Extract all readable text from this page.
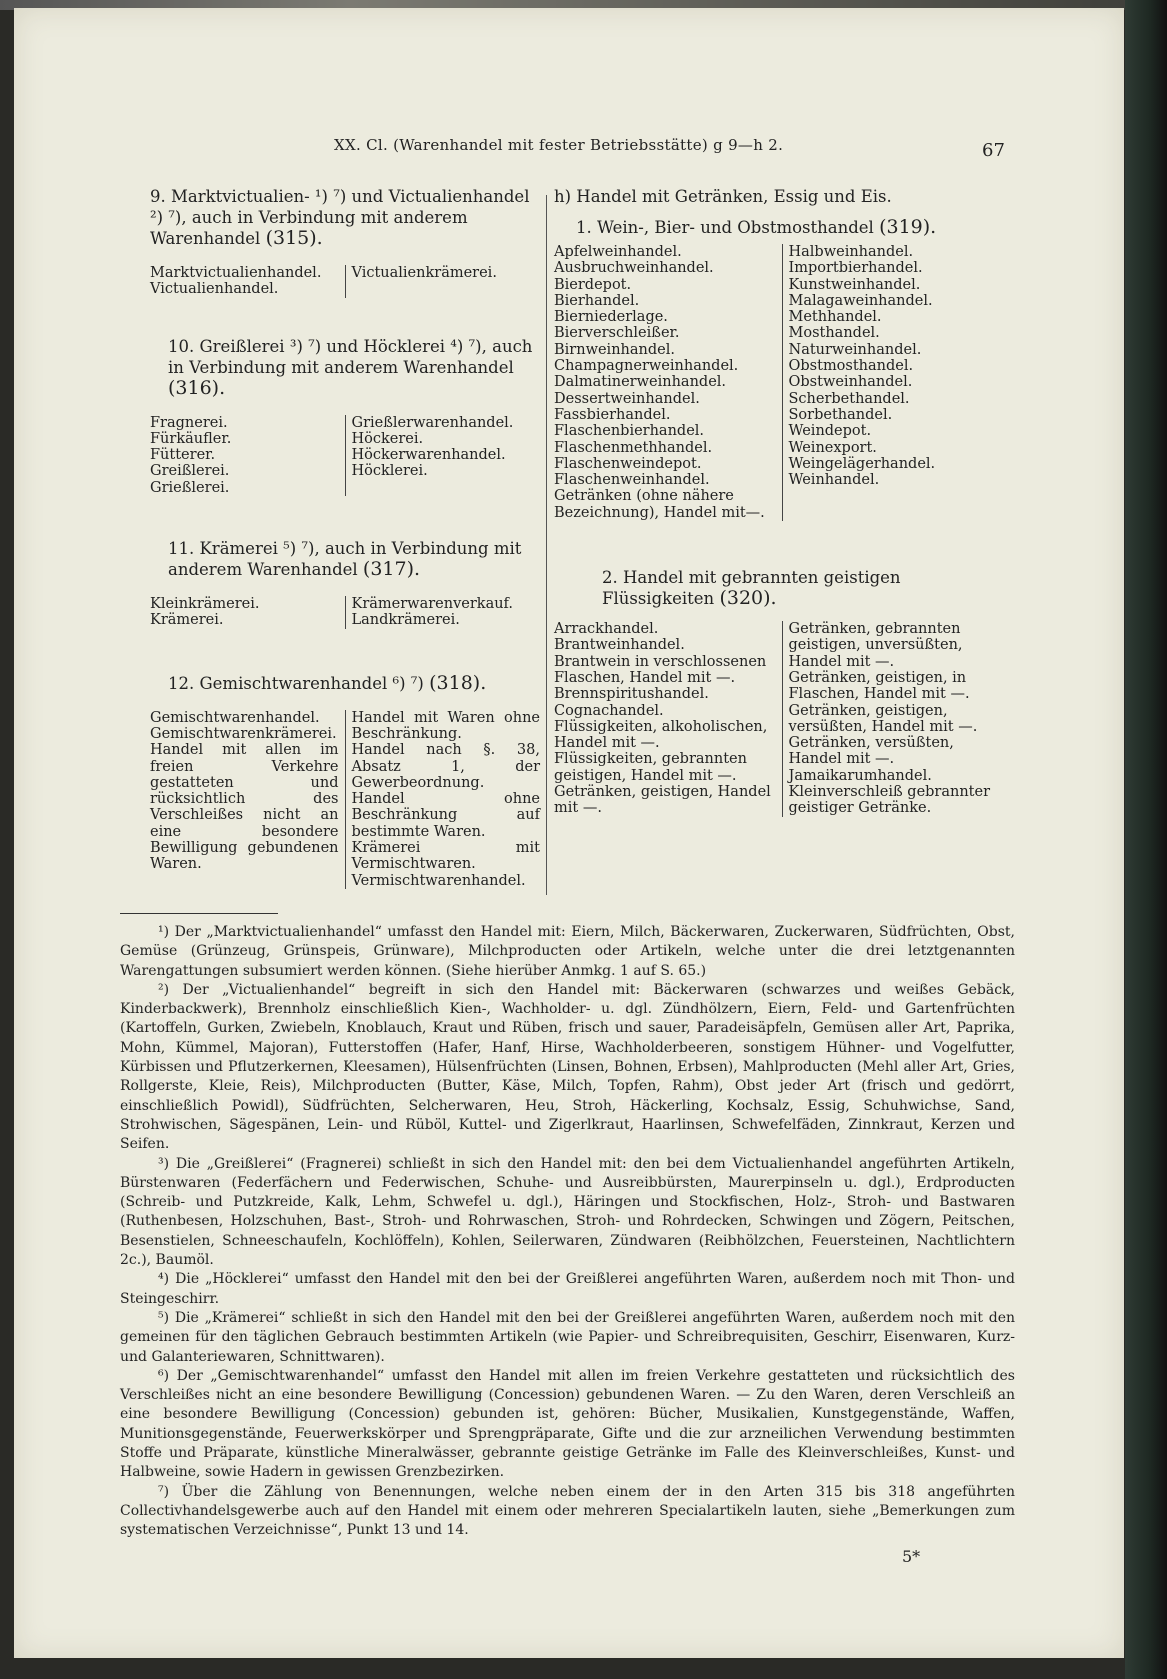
XX. Cl. (Warenhandel mit fester Betriebsstätte) g 9—h 2.	67
9. Marktvictualien- ¹) ⁷) und Victualienhandel ²) ⁷), auch in Verbindung mit anderem Warenhandel (315).
Marktvictualienhandel.
Victualienhandel.
Victualienkrämerei.
10. Greißlerei ³) ⁷) und Höcklerei ⁴) ⁷), auch in Verbindung mit anderem Warenhandel (316).
Fragnerei.
Fürkäufler.
Fütterer.
Greißlerei.
Grießlerei.
Grießlerwarenhandel.
Höckerei.
Höckerwarenhandel.
Höcklerei.
11. Krämerei ⁵) ⁷), auch in Verbindung mit anderem Warenhandel (317).
Kleinkrämerei.
Krämerei.
Krämerwarenverkauf.
Landkrämerei.
12. Gemischtwarenhandel ⁶) ⁷) (318).
Gemischtwarenhandel.
Gemischtwarenkrämerei.
Handel mit allen im freien Verkehre gestatteten und rücksichtlich des Verschleißes nicht an eine besondere Bewilligung gebundenen Waren.
Handel mit Waren ohne Beschränkung.
Handel nach §. 38, Absatz 1, der Gewerbeordnung.
Handel ohne Beschränkung auf bestimmte Waren.
Krämerei mit Vermischtwaren.
Vermischtwarenhandel.
h) Handel mit Getränken, Essig und Eis.
1. Wein-, Bier- und Obstmosthandel (319).
Apfelweinhandel.
Ausbruchweinhandel.
Bierdepot.
Bierhandel.
Bierniederlage.
Bierverschleißer.
Birnweinhandel.
Champagnerweinhandel.
Dalmatinerweinhandel.
Dessertweinhandel.
Fassbierhandel.
Flaschenbierhandel.
Flaschenmethhandel.
Flaschenweindepot.
Flaschenweinhandel.
Getränken (ohne nähere Bezeichnung), Handel mit—.
Halbweinhandel.
Importbierhandel.
Kunstweinhandel.
Malagaweinhandel.
Methhandel.
Mosthandel.
Naturweinhandel.
Obstmosthandel.
Obstweinhandel.
Scherbethandel.
Sorbethandel.
Weindepot.
Weinexport.
Weingelägerhandel.
Weinhandel.
2. Handel mit gebrannten geistigen Flüssigkeiten (320).
Arrackhandel.
Brantweinhandel.
Brantwein in verschlossenen Flaschen, Handel mit —.
Brennspiritushandel.
Cognachandel.
Flüssigkeiten, alkoholischen, Handel mit —.
Flüssigkeiten, gebrannten geistigen, Handel mit —.
Getränken, geistigen, Handel mit —.
Getränken, gebrannten geistigen, unversüßten, Handel mit —.
Getränken, geistigen, in Flaschen, Handel mit —.
Getränken, geistigen, versüßten, Handel mit —.
Getränken, versüßten, Handel mit —.
Jamaikarumhandel.
Kleinverschleiß gebrannter geistiger Getränke.

¹) Der „Marktvictualienhandel“ umfasst den Handel mit: Eiern, Milch, Bäckerwaren, Zuckerwaren, Südfrüchten, Obst, Gemüse (Grünzeug, Grünspeis, Grünware), Milchproducten oder Artikeln, welche unter die drei letztgenannten Warengattungen subsumiert werden können. (Siehe hierüber Anmkg. 1 auf S. 65.)

²) Der „Victualienhandel“ begreift in sich den Handel mit: Bäckerwaren (schwarzes und weißes Gebäck, Kinderbackwerk), Brennholz einschließlich Kien-, Wachholder- u. dgl. Zündhölzern, Eiern, Feld- und Gartenfrüchten (Kartoffeln, Gurken, Zwiebeln, Knoblauch, Kraut und Rüben, frisch und sauer, Paradeisäpfeln, Gemüsen aller Art, Paprika, Mohn, Kümmel, Majoran), Futterstoffen (Hafer, Hanf, Hirse, Wachholderbeeren, sonstigem Hühner- und Vogelfutter, Kürbissen und Pflutzerkernen, Kleesamen), Hülsenfrüchten (Linsen, Bohnen, Erbsen), Mahlproducten (Mehl aller Art, Gries, Rollgerste, Kleie, Reis), Milchproducten (Butter, Käse, Milch, Topfen, Rahm), Obst jeder Art (frisch und gedörrt, einschließlich Powidl), Südfrüchten, Selcherwaren, Heu, Stroh, Häckerling, Kochsalz, Essig, Schuhwichse, Sand, Strohwischen, Sägespänen, Lein- und Rüböl, Kuttel- und Zigerlkraut, Haarlinsen, Schwefelfäden, Zinnkraut, Kerzen und Seifen.

³) Die „Greißlerei“ (Fragnerei) schließt in sich den Handel mit: den bei dem Victualienhandel angeführten Artikeln, Bürstenwaren (Federfächern und Federwischen, Schuhe- und Ausreibbürsten, Maurerpinseln u. dgl.), Erdproducten (Schreib- und Putzkreide, Kalk, Lehm, Schwefel u. dgl.), Häringen und Stockfischen, Holz-, Stroh- und Bastwaren (Ruthenbesen, Holzschuhen, Bast-, Stroh- und Rohrwaschen, Stroh- und Rohrdecken, Schwingen und Zögern, Peitschen, Besenstielen, Schneeschaufeln, Kochlöffeln), Kohlen, Seilerwaren, Zündwaren (Reibhölzchen, Feuersteinen, Nachtlichtern 2c.), Baumöl.

⁴) Die „Höcklerei“ umfasst den Handel mit den bei der Greißlerei angeführten Waren, außerdem noch mit Thon- und Steingeschirr.

⁵) Die „Krämerei“ schließt in sich den Handel mit den bei der Greißlerei angeführten Waren, außerdem noch mit den gemeinen für den täglichen Gebrauch bestimmten Artikeln (wie Papier- und Schreibrequisiten, Geschirr, Eisenwaren, Kurz- und Galanteriewaren, Schnittwaren).

⁶) Der „Gemischtwarenhandel“ umfasst den Handel mit allen im freien Verkehre gestatteten und rücksichtlich des Verschleißes nicht an eine besondere Bewilligung (Concession) gebundenen Waren. — Zu den Waren, deren Verschleiß an eine besondere Bewilligung (Concession) gebunden ist, gehören: Bücher, Musikalien, Kunstgegenstände, Waffen, Munitionsgegenstände, Feuerwerkskörper und Sprengpräparate, Gifte und die zur arzneilichen Verwendung bestimmten Stoffe und Präparate, künstliche Mineralwässer, gebrannte geistige Getränke im Falle des Kleinverschleißes, Kunst- und Halbweine, sowie Hadern in gewissen Grenzbezirken.

⁷) Über die Zählung von Benennungen, welche neben einem der in den Arten 315 bis 318 angeführten Collectivhandelsgewerbe auch auf den Handel mit einem oder mehreren Specialartikeln lauten, siehe „Bemerkungen zum systematischen Verzeichnisse“, Punkt 13 und 14.

5*
